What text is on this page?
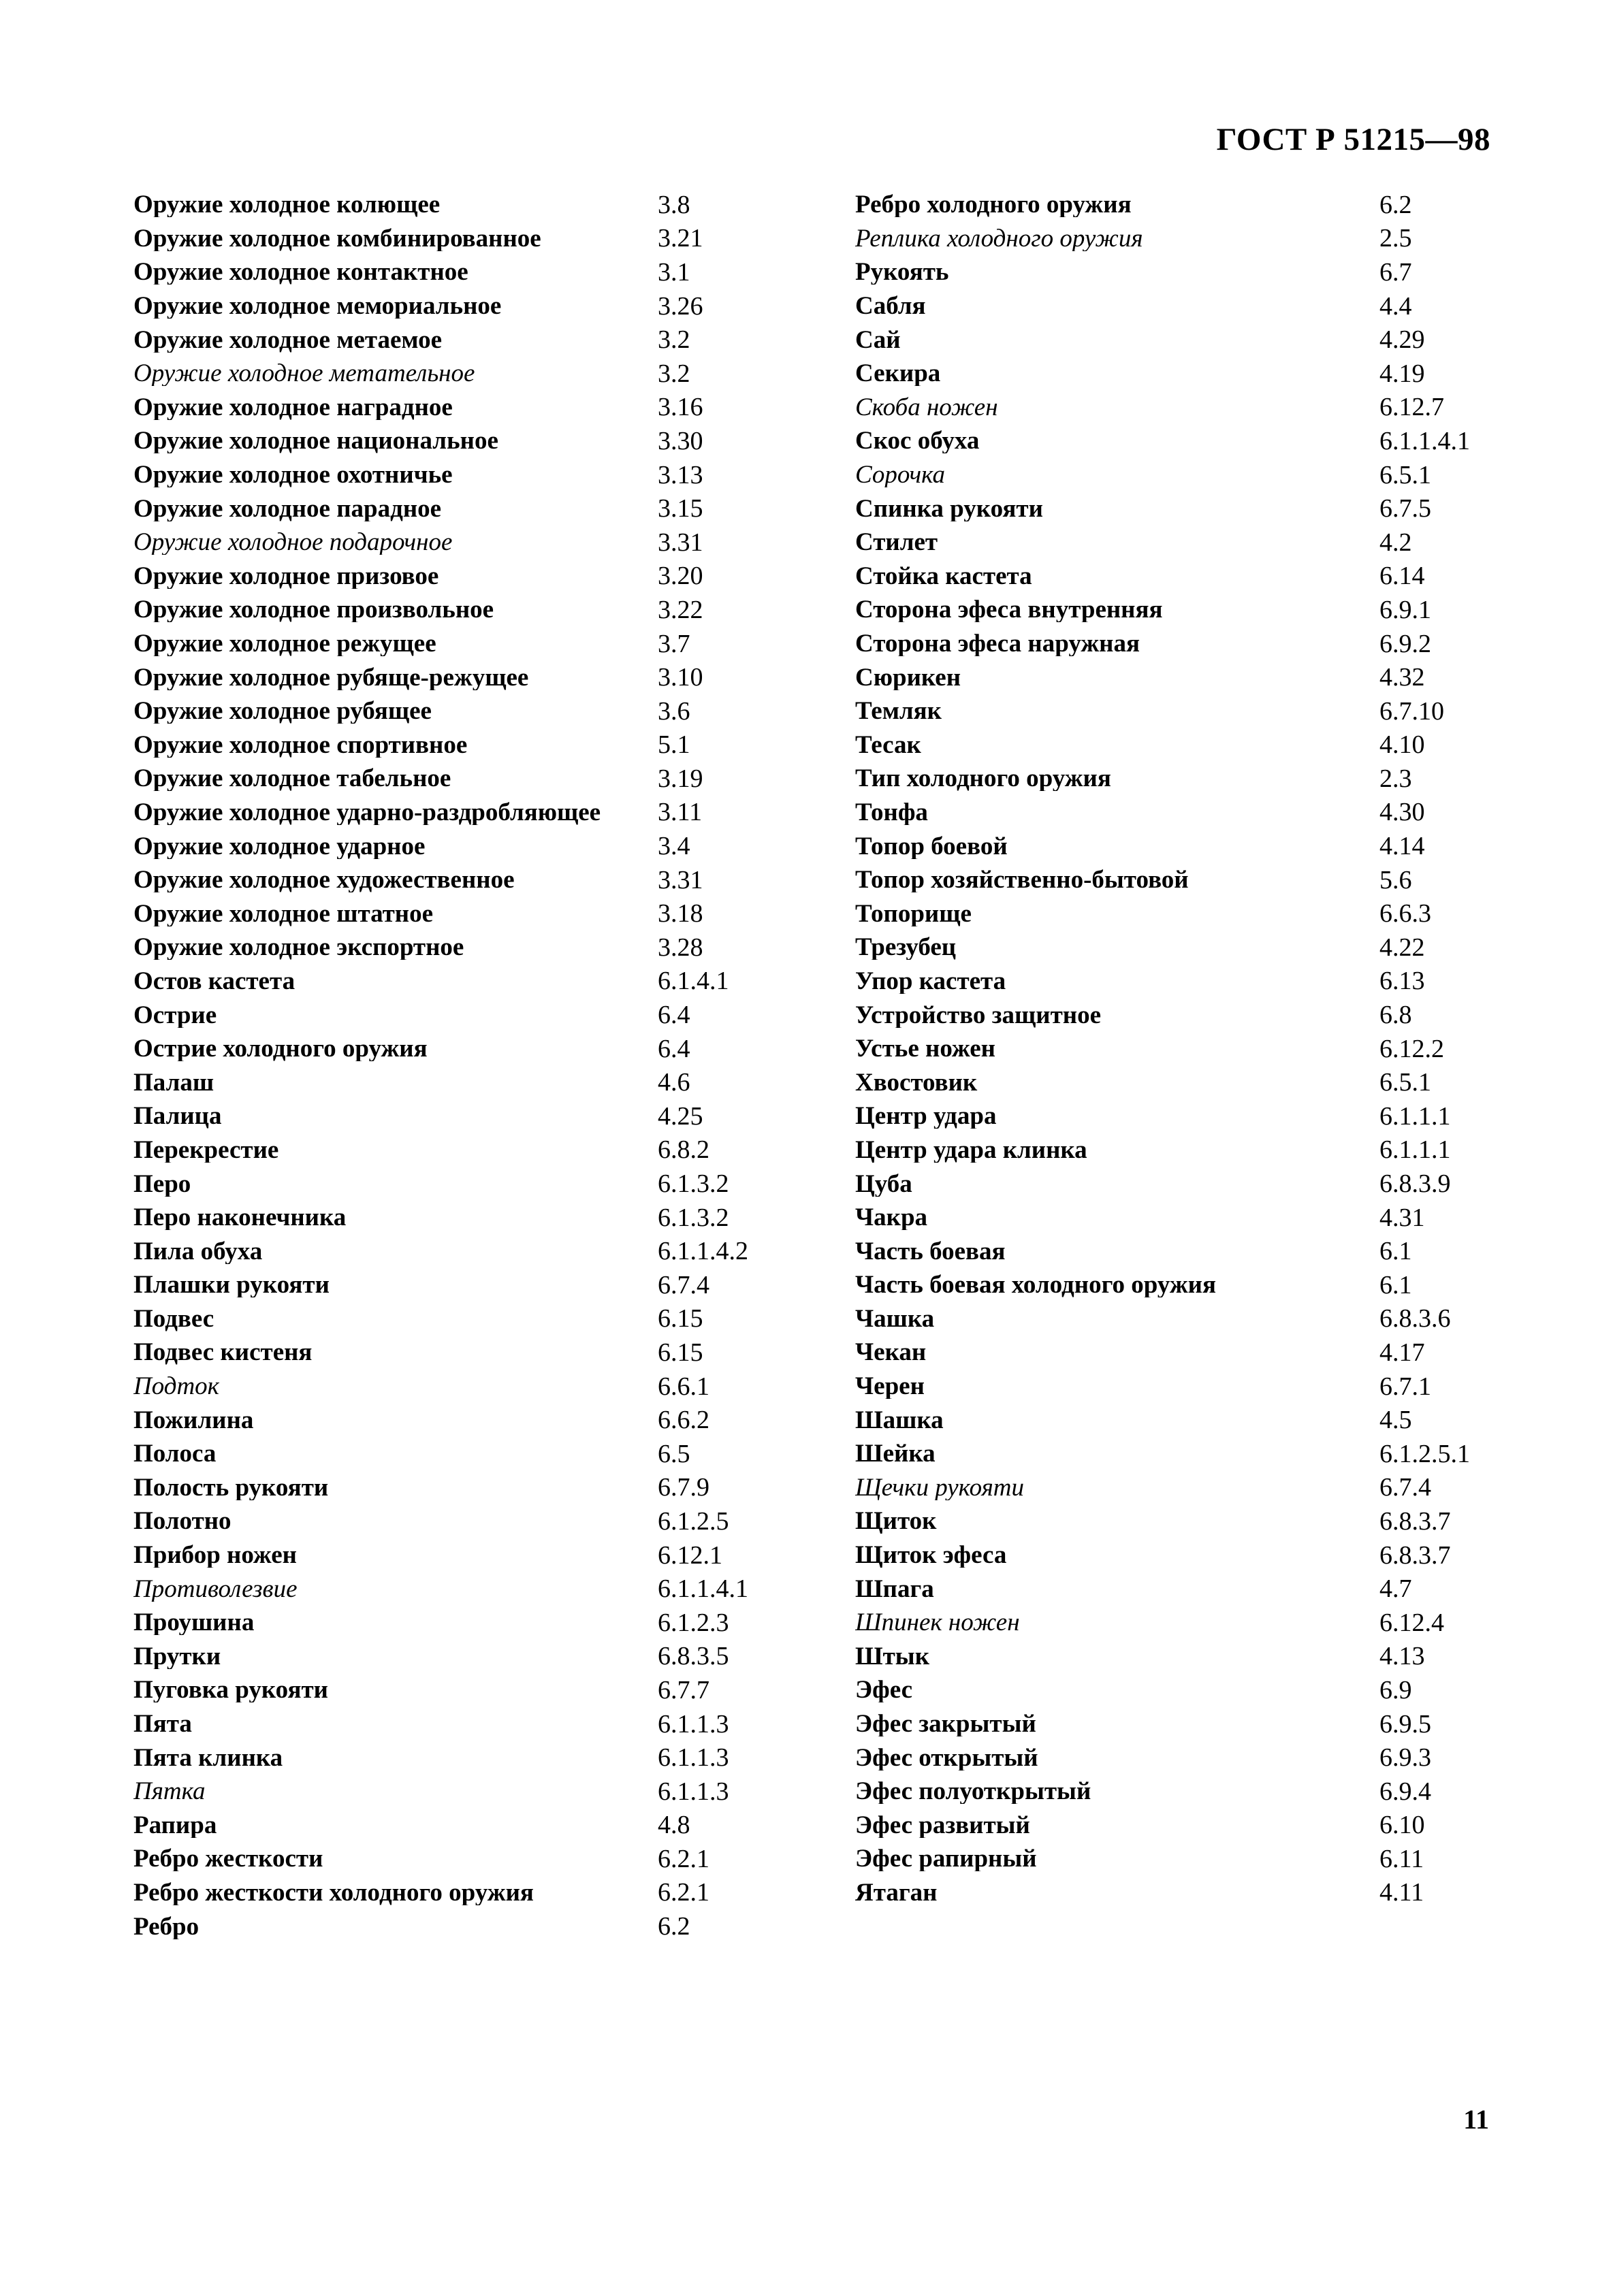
ГОСТ Р 51215—98
Оружие холодное колющее	3.8
Оружие холодное комбинированное	3.21
Оружие холодное контактное	3.1
Оружие холодное мемориальное	3.26
Оружие холодное метаемое	3.2
Оружие холодное метательное	3.2
Оружие холодное наградное	3.16
Оружие холодное национальное	3.30
Оружие холодное охотничье	3.13
Оружие холодное парадное	3.15
Оружие холодное подарочное	3.31
Оружие холодное призовое	3.20
Оружие холодное произвольное	3.22
Оружие холодное режущее	3.7
Оружие холодное рубяще-режущее	3.10
Оружие холодное рубящее	3.6
Оружие холодное спортивное	5.1
Оружие холодное табельное	3.19
Оружие холодное ударно-раздробляющее	3.11
Оружие холодное ударное	3.4
Оружие холодное художественное	3.31
Оружие холодное штатное	3.18
Оружие холодное экспортное	3.28
Остов кастета	6.1.4.1
Острие	6.4
Острие холодного оружия	6.4
Палаш	4.6
Палица	4.25
Перекрестие	6.8.2
Перо	6.1.3.2
Перо наконечника	6.1.3.2
Пила обуха	6.1.1.4.2
Плашки рукояти	6.7.4
Подвес	6.15
Подвес кистеня	6.15
Подток	6.6.1
Пожилина	6.6.2
Полоса	6.5
Полость рукояти	6.7.9
Полотно	6.1.2.5
Прибор ножен	6.12.1
Противолезвие	6.1.1.4.1
Проушина	6.1.2.3
Прутки	6.8.3.5
Пуговка рукояти	6.7.7
Пята	6.1.1.3
Пята клинка	6.1.1.3
Пятка	6.1.1.3
Рапира	4.8
Ребро жесткости	6.2.1
Ребро жесткости холодного оружия	6.2.1
Ребро	6.2
Ребро холодного оружия	6.2
Реплика холодного оружия	2.5
Рукоять	6.7
Сабля	4.4
Сай	4.29
Секира	4.19
Скоба ножен	6.12.7
Скос обуха	6.1.1.4.1
Сорочка	6.5.1
Спинка рукояти	6.7.5
Стилет	4.2
Стойка кастета	6.14
Сторона эфеса внутренняя	6.9.1
Сторона эфеса наружная	6.9.2
Сюрикен	4.32
Темляк	6.7.10
Тесак	4.10
Тип холодного оружия	2.3
Тонфа	4.30
Топор боевой	4.14
Топор хозяйственно-бытовой	5.6
Топорище	6.6.3
Трезубец	4.22
Упор кастета	6.13
Устройство защитное	6.8
Устье ножен	6.12.2
Хвостовик	6.5.1
Центр удара	6.1.1.1
Центр удара клинка	6.1.1.1
Цуба	6.8.3.9
Чакра	4.31
Часть боевая	6.1
Часть боевая холодного оружия	6.1
Чашка	6.8.3.6
Чекан	4.17
Черен	6.7.1
Шашка	4.5
Шейка	6.1.2.5.1
Щечки рукояти	6.7.4
Щиток	6.8.3.7
Щиток эфеса	6.8.3.7
Шпага	4.7
Шпинек ножен	6.12.4
Штык	4.13
Эфес	6.9
Эфес закрытый	6.9.5
Эфес открытый	6.9.3
Эфес полуоткрытый	6.9.4
Эфес развитый	6.10
Эфес рапирный	6.11
Ятаган	4.11
11
